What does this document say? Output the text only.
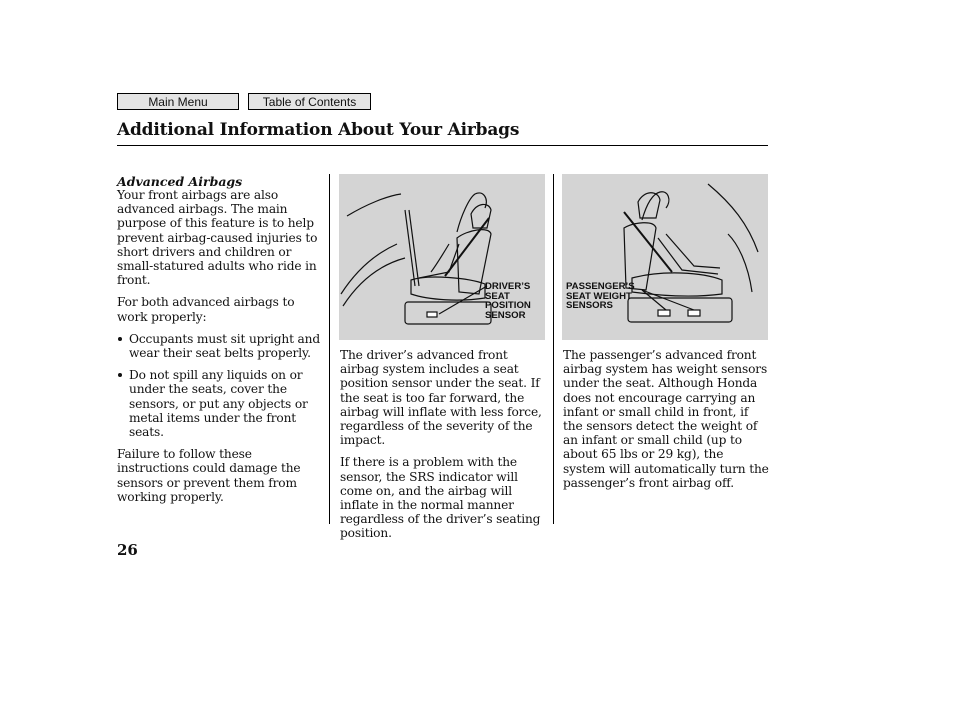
Main Menu	Table of Contents
Additional Information About Your Airbags
Advanced Airbags

Your front airbags are also advanced airbags. The main purpose of this feature is to help prevent airbag-caused injuries to short drivers and children or small-statured adults who ride in front.

For both advanced airbags to work properly:

Occupants must sit upright and wear their seat belts properly.
Do not spill any liquids on or under the seats, cover the sensors, or put any objects or metal items under the front seats.

Failure to follow these instructions could damage the sensors or prevent them from working properly.

DRIVER’S
SEAT
POSITION
SENSOR
PASSENGER’S
SEAT WEIGHT
SENSORS

The driver’s advanced front airbag system includes a seat position sensor under the seat. If the seat is too far forward, the airbag will inflate with less force, regardless of the severity of the impact.

If there is a problem with the sensor, the SRS indicator will come on, and the airbag will inflate in the normal manner regardless of the driver’s seating position.

The passenger’s advanced front airbag system has weight sensors under the seat. Although Honda does not encourage carrying an infant or small child in front, if the sensors detect the weight of an infant or small child (up to about 65 lbs or 29 kg), the system will automatically turn the passenger’s front airbag off.

26
